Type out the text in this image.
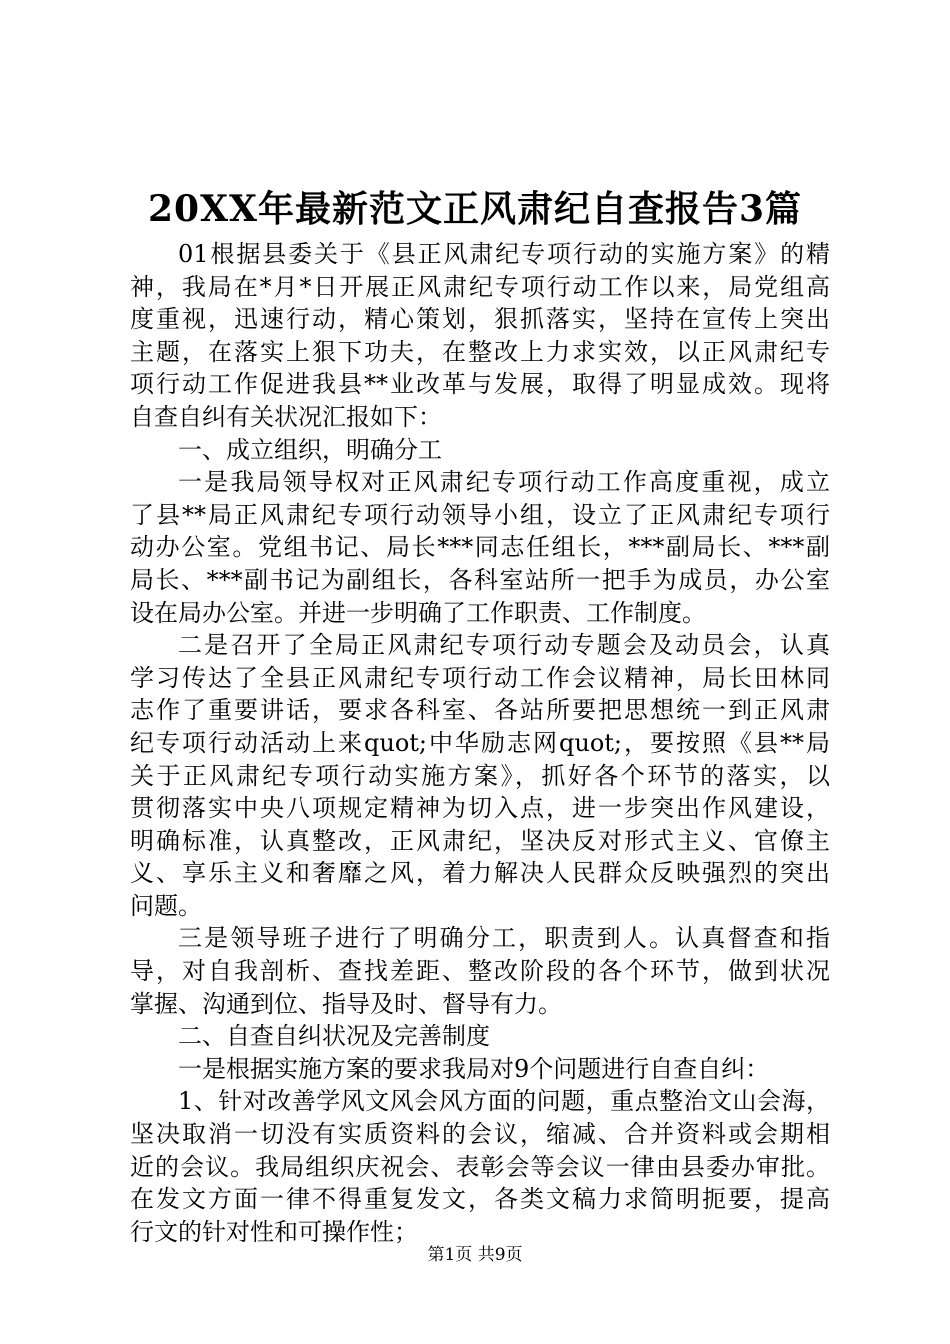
20XX年最新范文正风肃纪自查报告3篇
01根据县委关于《县正风肃纪专项行动的实施方案》的精
神，我局在*月*日开展正风肃纪专项行动工作以来，局党组高
度重视，迅速行动，精心策划，狠抓落实，坚持在宣传上突出
主题，在落实上狠下功夫，在整改上力求实效，以正风肃纪专
项行动工作促进我县**业改革与发展，取得了明显成效。现将
自查自纠有关状况汇报如下：
一、成立组织，明确分工
一是我局领导权对正风肃纪专项行动工作高度重视，成立
了县**局正风肃纪专项行动领导小组，设立了正风肃纪专项行
动办公室。党组书记、局长***同志任组长，***副局长、***副
局长、***副书记为副组长，各科室站所一把手为成员，办公室
设在局办公室。并进一步明确了工作职责、工作制度。
二是召开了全局正风肃纪专项行动专题会及动员会，认真
学习传达了全县正风肃纪专项行动工作会议精神，局长田林同
志作了重要讲话，要求各科室、各站所要把思想统一到正风肃
纪专项行动活动上来quot;中华励志网quot;，要按照《县**局
关于正风肃纪专项行动实施方案》，抓好各个环节的落实，以
贯彻落实中央八项规定精神为切入点，进一步突出作风建设，
明确标准，认真整改，正风肃纪，坚决反对形式主义、官僚主
义、享乐主义和奢靡之风，着力解决人民群众反映强烈的突出
问题。
三是领导班子进行了明确分工，职责到人。认真督查和指
导，对自我剖析、查找差距、整改阶段的各个环节，做到状况
掌握、沟通到位、指导及时、督导有力。
二、自查自纠状况及完善制度
一是根据实施方案的要求我局对9个问题进行自查自纠：
1、针对改善学风文风会风方面的问题，重点整治文山会海，
坚决取消一切没有实质资料的会议，缩减、合并资料或会期相
近的会议。我局组织庆祝会、表彰会等会议一律由县委办审批。
在发文方面一律不得重复发文，各类文稿力求简明扼要，提高
行文的针对性和可操作性；
第1页 共9页
